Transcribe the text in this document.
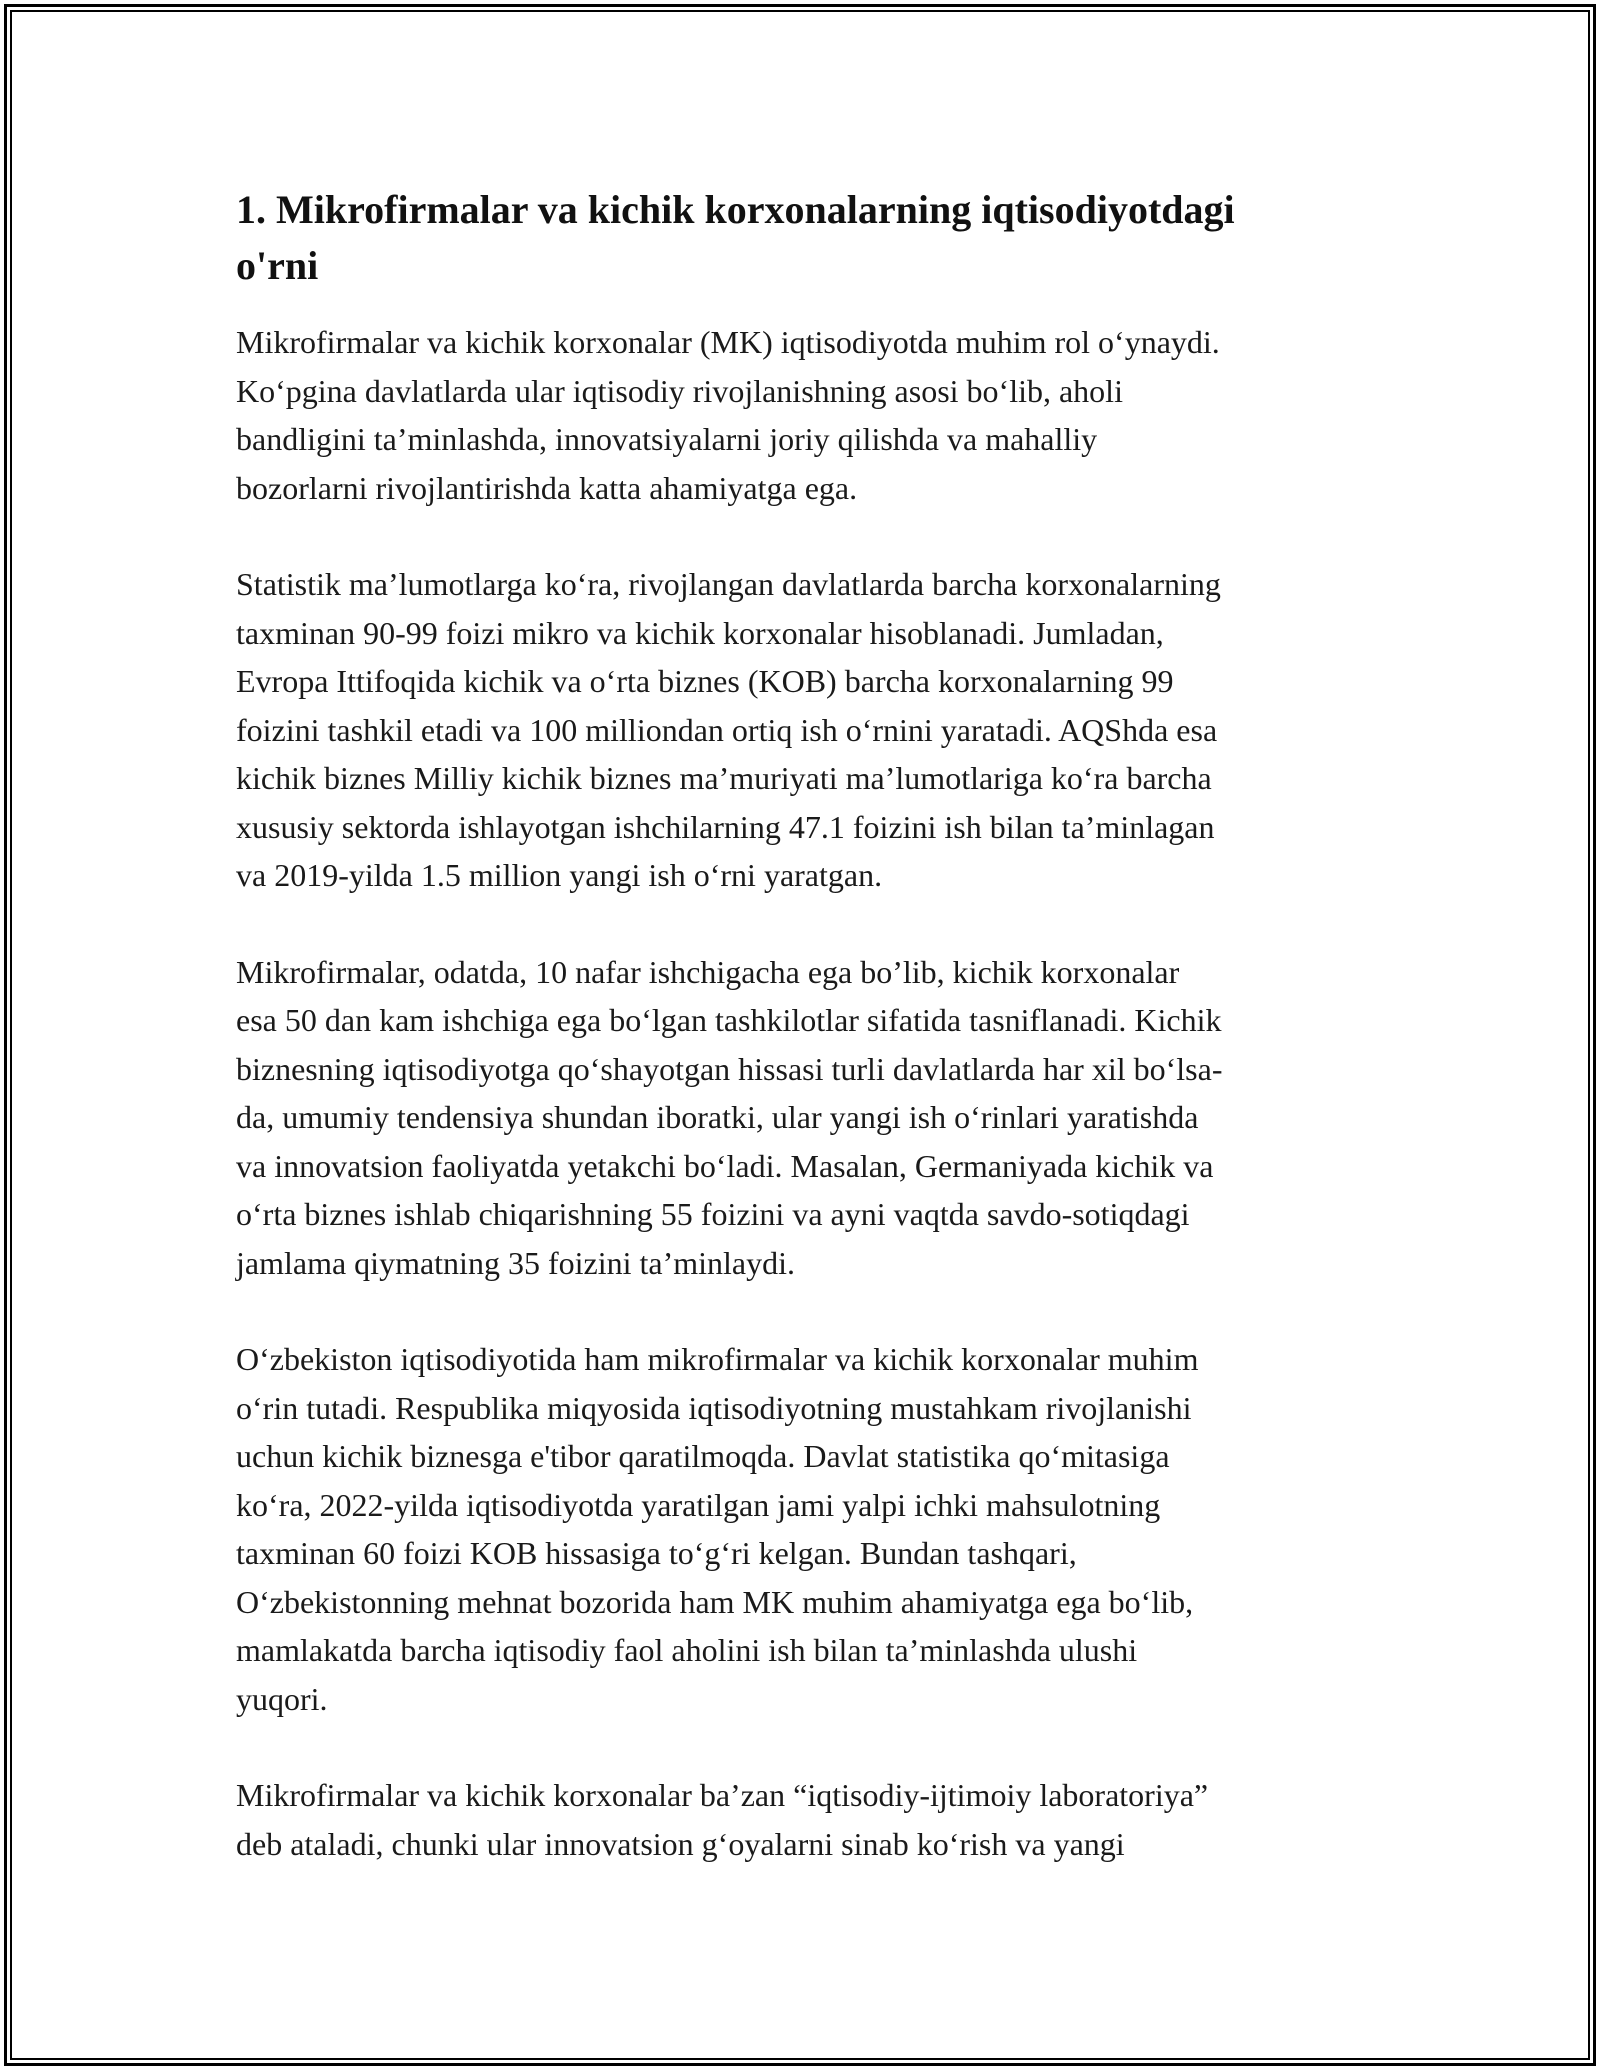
1. Mikrofirmalar va kichik korxonalarning iqtisodiyotdagi
o'rni

Mikrofirmalar va kichik korxonalar (MK) iqtisodiyotda muhim rol o‘ynaydi.
Ko‘pgina davlatlarda ular iqtisodiy rivojlanishning asosi bo‘lib, aholi
bandligini ta’minlashda, innovatsiyalarni joriy qilishda va mahalliy
bozorlarni rivojlantirishda katta ahamiyatga ega.

Statistik ma’lumotlarga ko‘ra, rivojlangan davlatlarda barcha korxonalarning
taxminan 90-99 foizi mikro va kichik korxonalar hisoblanadi. Jumladan,
Evropa Ittifoqida kichik va o‘rta biznes (KOB) barcha korxonalarning 99
foizini tashkil etadi va 100 milliondan ortiq ish o‘rnini yaratadi. AQShda esa
kichik biznes Milliy kichik biznes ma’muriyati ma’lumotlariga ko‘ra barcha
xususiy sektorda ishlayotgan ishchilarning 47.1 foizini ish bilan ta’minlagan
va 2019-yilda 1.5 million yangi ish o‘rni yaratgan.

Mikrofirmalar, odatda, 10 nafar ishchigacha ega bo’lib, kichik korxonalar
esa 50 dan kam ishchiga ega bo‘lgan tashkilotlar sifatida tasniflanadi. Kichik
biznesning iqtisodiyotga qo‘shayotgan hissasi turli davlatlarda har xil bo‘lsa-
da, umumiy tendensiya shundan iboratki, ular yangi ish o‘rinlari yaratishda
va innovatsion faoliyatda yetakchi bo‘ladi. Masalan, Germaniyada kichik va
o‘rta biznes ishlab chiqarishning 55 foizini va ayni vaqtda savdo-sotiqdagi
jamlama qiymatning 35 foizini ta’minlaydi.

O‘zbekiston iqtisodiyotida ham mikrofirmalar va kichik korxonalar muhim
o‘rin tutadi. Respublika miqyosida iqtisodiyotning mustahkam rivojlanishi
uchun kichik biznesga e'tibor qaratilmoqda. Davlat statistika qo‘mitasiga
ko‘ra, 2022-yilda iqtisodiyotda yaratilgan jami yalpi ichki mahsulotning
taxminan 60 foizi KOB hissasiga to‘g‘ri kelgan. Bundan tashqari,
O‘zbekistonning mehnat bozorida ham MK muhim ahamiyatga ega bo‘lib,
mamlakatda barcha iqtisodiy faol aholini ish bilan ta’minlashda ulushi
yuqori.

Mikrofirmalar va kichik korxonalar ba’zan “iqtisodiy-ijtimoiy laboratoriya”
deb ataladi, chunki ular innovatsion g‘oyalarni sinab ko‘rish va yangi
